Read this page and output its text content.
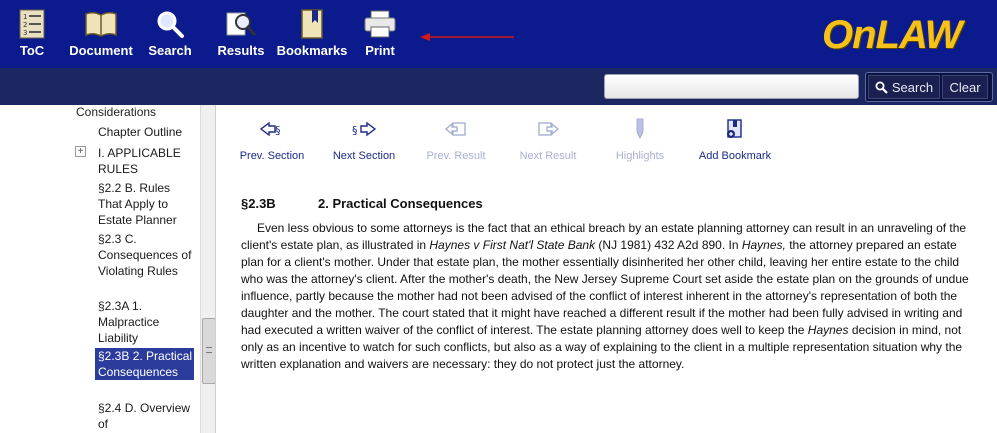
1
2
3
ToC Document Search Results Bookmarks Print	OnLAW
Search	Clear
Considerations
Chapter Outline
+ I. APPLICABLE RULES
§2.2 B. Rules That Apply to Estate Planner
§2.3 C. Consequences of Violating Rules
§2.3A 1. Malpractice Liability
§2.3B 2. Practical Consequences
§2.4 D. Overview of
§
Prev. Section
§
Next Section	Prev. Result	Next Result	Highlights	Add Bookmark
§2.3B	2. Practical Consequences

Even less obvious to some attorneys is the fact that an ethical breach by an estate planning attorney can result in an unraveling of the client's estate plan, as illustrated in Haynes v First Nat'l State Bank (NJ 1981) 432 A2d 890. In Haynes, the attorney prepared an estate plan for a client's mother. Under that estate plan, the mother essentially disinherited her other child, leaving her entire estate to the child who was the attorney's client. After the mother's death, the New Jersey Supreme Court set aside the estate plan on the grounds of undue influence, partly because the mother had not been advised of the conflict of interest inherent in the attorney's representation of both the daughter and the mother. The court stated that it might have reached a different result if the mother had been fully advised in writing and had executed a written waiver of the conflict of interest. The estate planning attorney does well to keep the Haynes decision in mind, not only as an incentive to watch for such conflicts, but also as a way of explaining to the client in a multiple representation situation why the written explanation and waivers are necessary: they do not protect just the attorney.
